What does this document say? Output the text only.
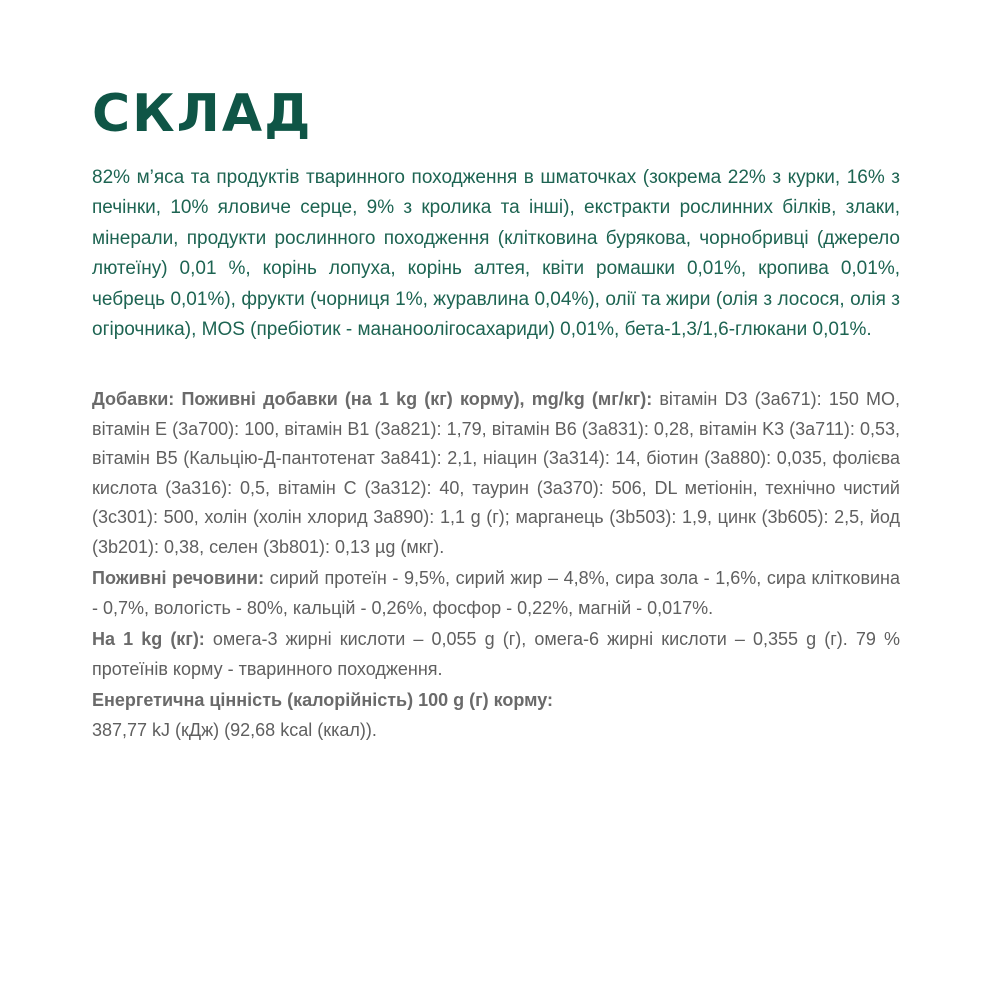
СКЛАД

82% м’яса та продуктів тваринного походження в шматочках (зокрема 22% з курки, 16% з печінки, 10% яловиче серце, 9% з кролика та інші), екстракти рослинних білків, злаки, мінерали, продукти рослинного походження (клітковина бурякова, чорнобривці (джерело лютеїну) 0,01 %, корінь лопуха, корінь алтея, квіти ромашки 0,01%, кропива 0,01%, чебрець 0,01%), фрукти (чорниця 1%, журавлина 0,04%), олії та жири (олія з лосося, олія з огірочника), MOS (пребіотик - мананоолігосахариди) 0,01%, бета-1,3/1,6-глюкани 0,01%.

Добавки: Поживні добавки (на 1 kg (кг) корму), mg/kg (мг/кг): вітамін D3 (3a671): 150 МО, вітамін E (3a700): 100, вітамін B1 (3a821): 1,79, вітамін B6 (3a831): 0,28, вітамін K3 (3a711): 0,53, вітамін B5 (Кальцію-Д-пантотенат 3a841): 2,1, ніацин (3a314): 14, біотин (3a880): 0,035, фолієва кислота (3a316): 0,5, вітамін C (3a312): 40, таурин (3a370): 506, DL метіонін, технічно чистий (3c301): 500, холін (холін хлорид 3a890): 1,1 g (г); марганець (3b503): 1,9, цинк (3b605): 2,5, йод (3b201): 0,38, селен (3b801): 0,13 µg (мкг).

Поживні речовини: сирий протеїн - 9,5%, сирий жир – 4,8%, сира зола - 1,6%, сира клітковина - 0,7%, вологість - 80%, кальцій - 0,26%, фосфор - 0,22%, магній - 0,017%.

На 1 kg (кг): омега-3 жирні кислоти – 0,055 g (г), омега-6 жирні кислоти – 0,355 g (г). 79 % протеїнів корму - тваринного походження.

Енергетична цінність (калорійність) 100 g (г) корму:
387,77 kJ (кДж) (92,68 kcal (ккал)).
